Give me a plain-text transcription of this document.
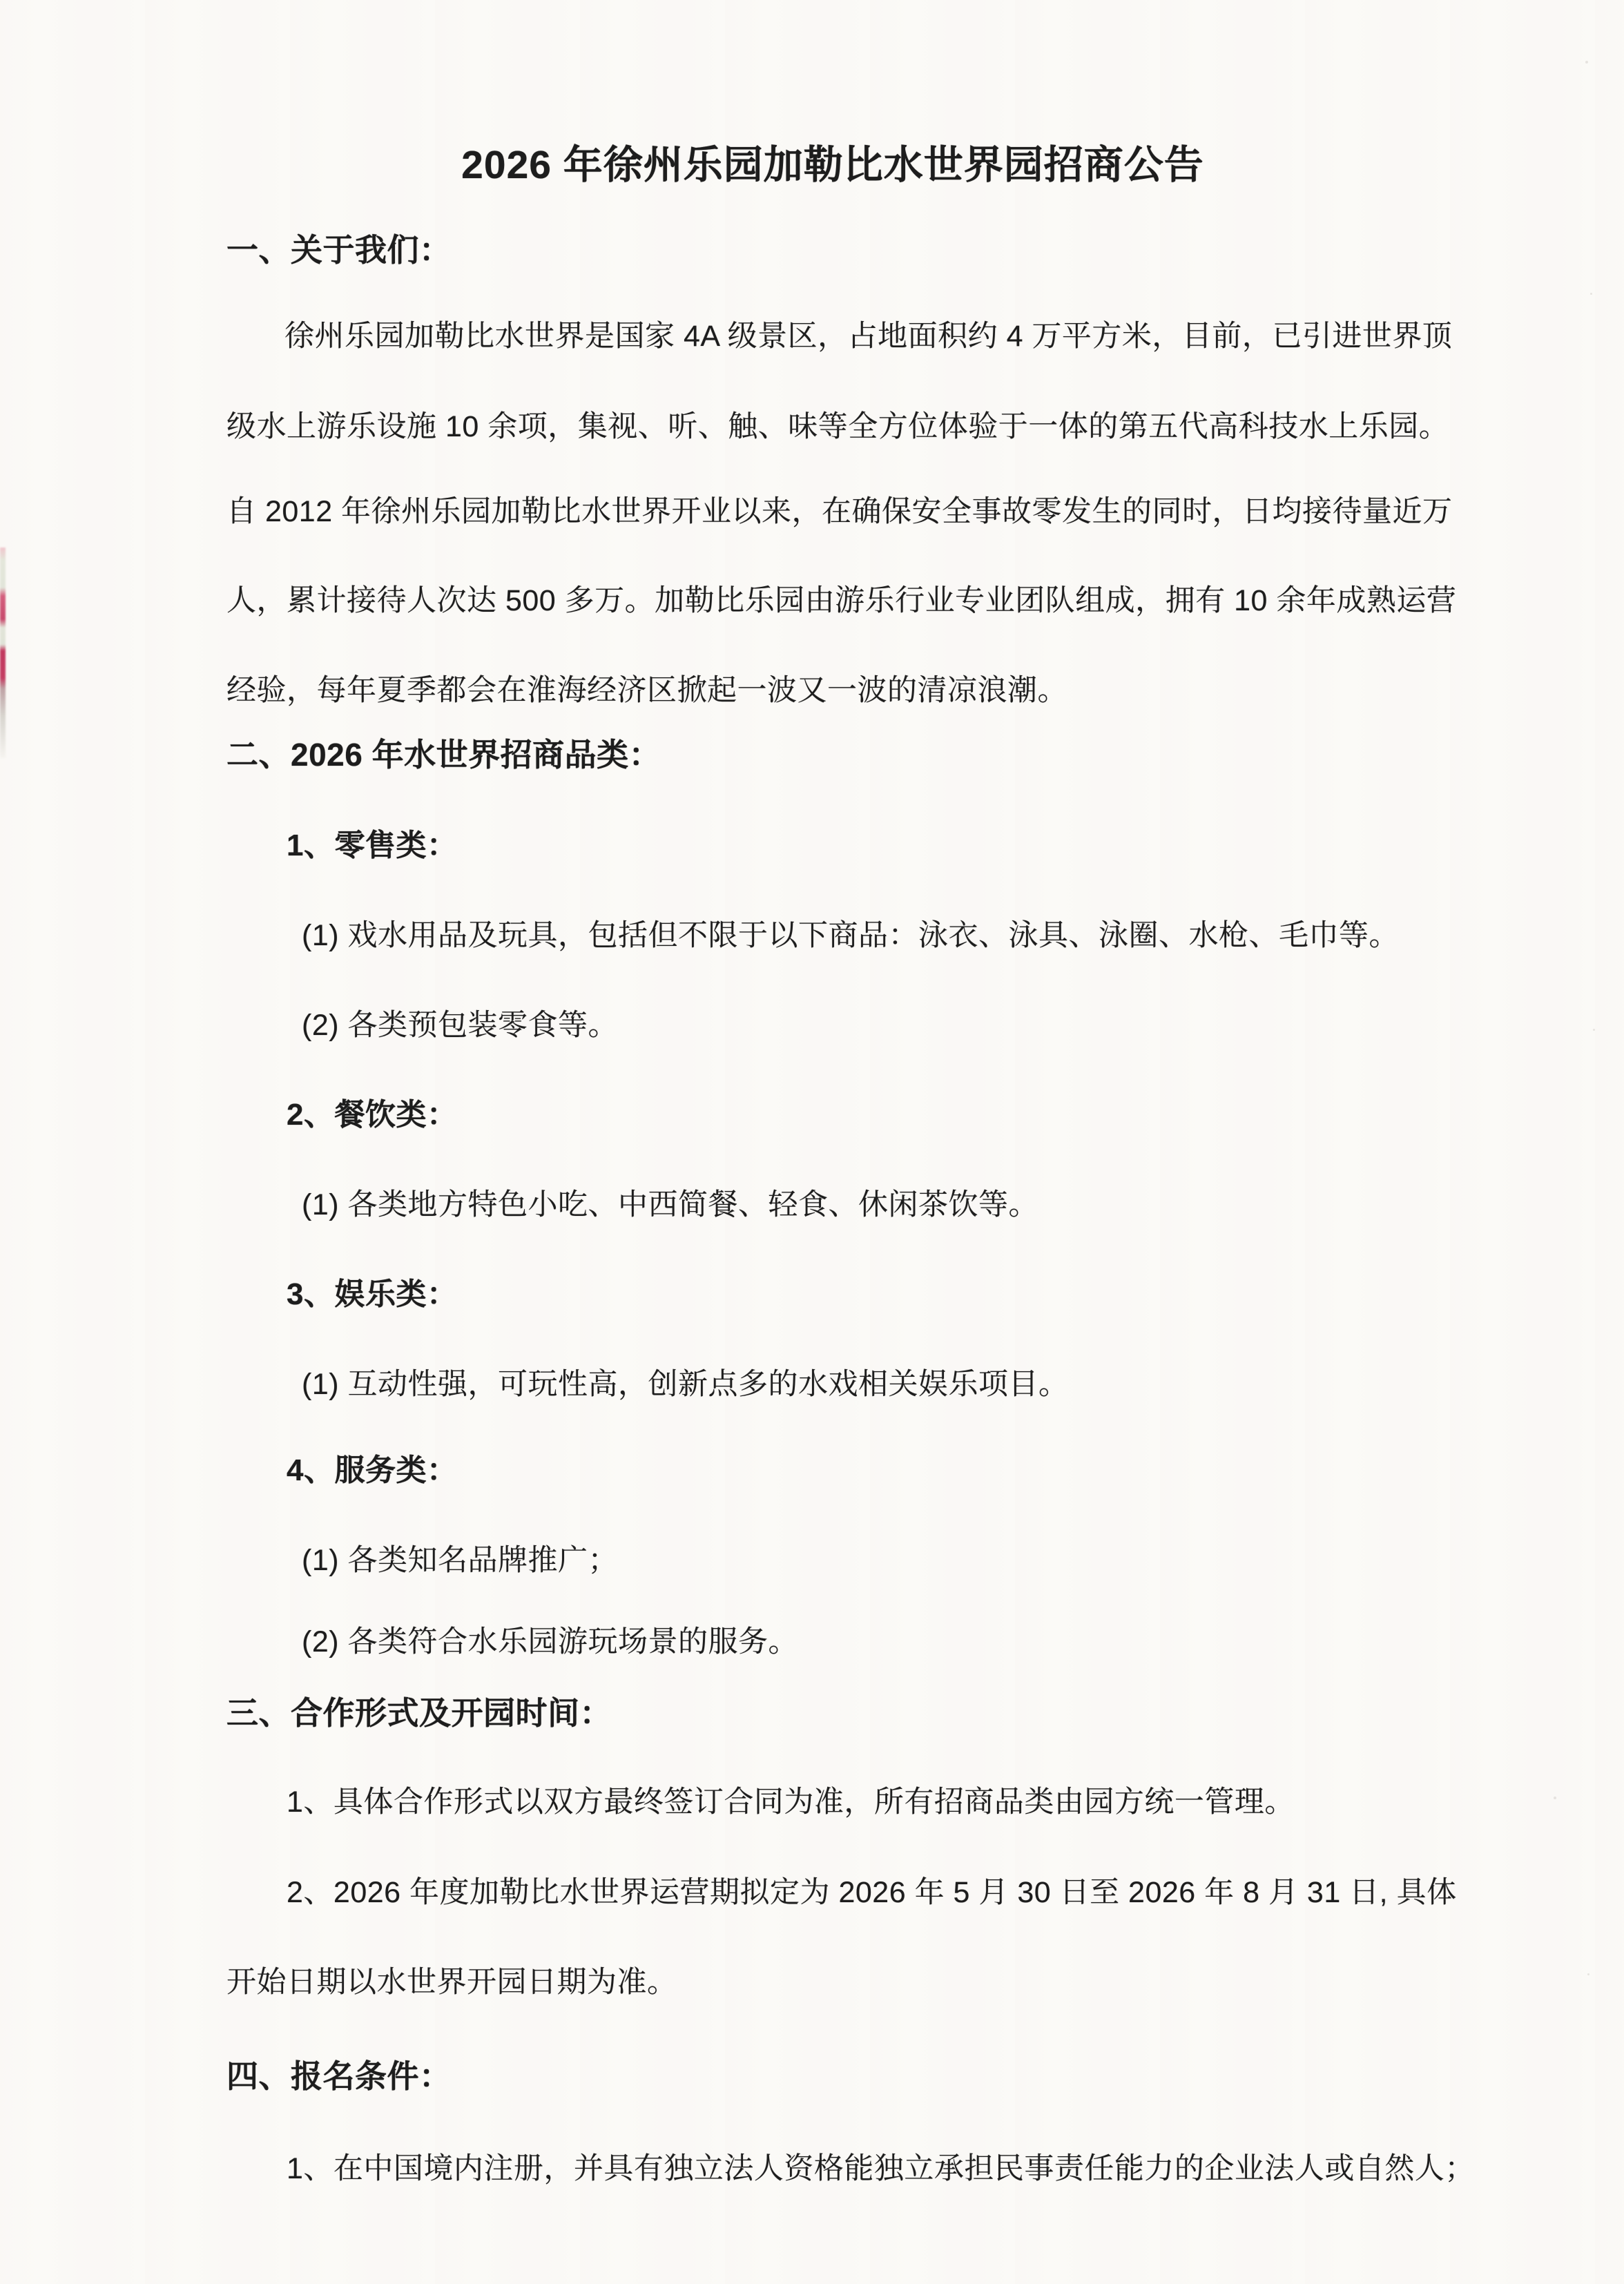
2026 年徐州乐园加勒比水世界园招商公告
一、关于我们：
徐州乐园加勒比水世界是国家 4A 级景区，占地面积约 4 万平方米，目前，已引进世界顶
级水上游乐设施 10 余项，集视、听、触、味等全方位体验于一体的第五代高科技水上乐园。
自 2012 年徐州乐园加勒比水世界开业以来，在确保安全事故零发生的同时，日均接待量近万
人，累计接待人次达 500 多万。加勒比乐园由游乐行业专业团队组成，拥有 10 余年成熟运营
经验，每年夏季都会在淮海经济区掀起一波又一波的清凉浪潮。
二、2026 年水世界招商品类：
1、零售类：
(1) 戏水用品及玩具，包括但不限于以下商品：泳衣、泳具、泳圈、水枪、毛巾等。
(2) 各类预包装零食等。
2、餐饮类：
(1) 各类地方特色小吃、中西简餐、轻食、休闲茶饮等。
3、娱乐类：
(1) 互动性强，可玩性高，创新点多的水戏相关娱乐项目。
4、服务类：
(1) 各类知名品牌推广；
(2) 各类符合水乐园游玩场景的服务。
三、合作形式及开园时间：
1、具体合作形式以双方最终签订合同为准，所有招商品类由园方统一管理。
2、2026 年度加勒比水世界运营期拟定为 2026 年 5 月 30 日至 2026 年 8 月 31 日, 具体
开始日期以水世界开园日期为准。
四、报名条件：
1、在中国境内注册，并具有独立法人资格能独立承担民事责任能力的企业法人或自然人；
